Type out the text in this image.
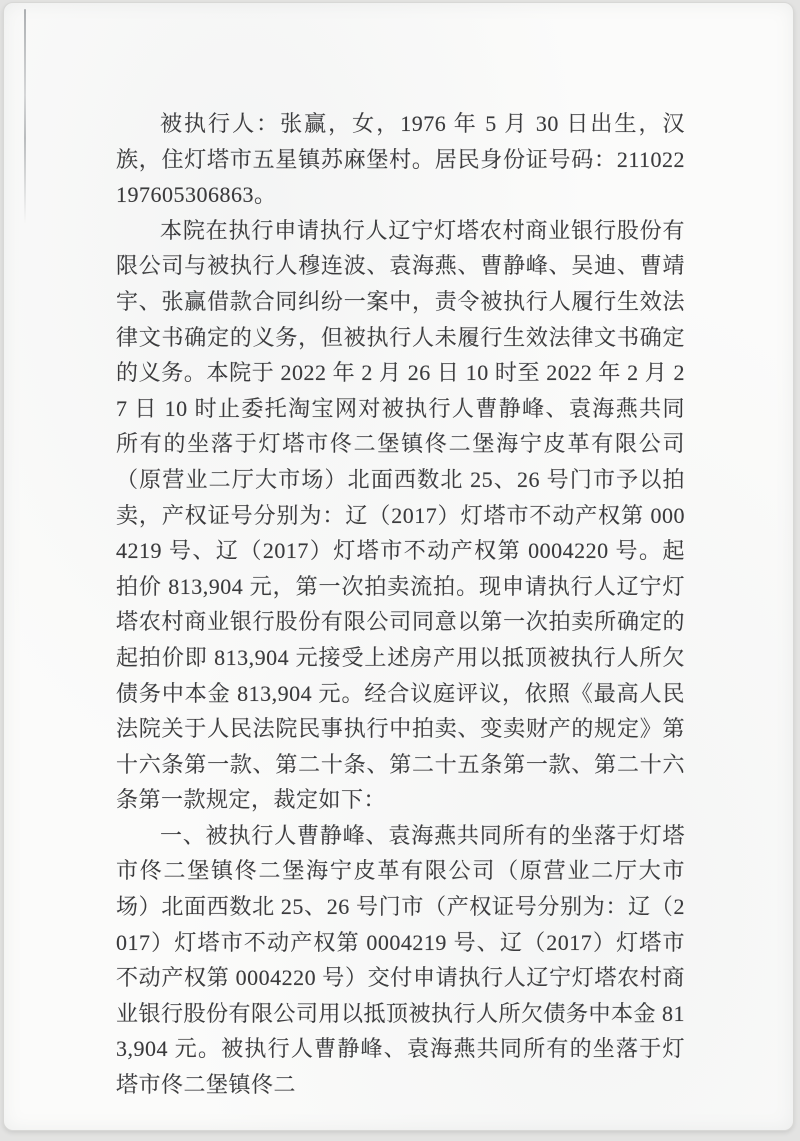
被执行人：张赢，女，1976 年 5 月 30 日出生，汉族，住灯塔市五星镇苏麻堡村。居民身份证号码：211022197605306863。

本院在执行申请执行人辽宁灯塔农村商业银行股份有限公司与被执行人穆连波、袁海燕、曹静峰、吴迪、曹靖宇、张赢借款合同纠纷一案中，责令被执行人履行生效法律文书确定的义务，但被执行人未履行生效法律文书确定的义务。本院于 2022 年 2 月 26 日 10 时至 2022 年 2 月 27 日 10 时止委托淘宝网对被执行人曹静峰、袁海燕共同所有的坐落于灯塔市佟二堡镇佟二堡海宁皮革有限公司（原营业二厅大市场）北面西数北 25、26 号门市予以拍卖，产权证号分别为：辽（2017）灯塔市不动产权第 0004219 号、辽（2017）灯塔市不动产权第 0004220 号。起拍价 813,904 元，第一次拍卖流拍。现申请执行人辽宁灯塔农村商业银行股份有限公司同意以第一次拍卖所确定的起拍价即 813,904 元接受上述房产用以抵顶被执行人所欠债务中本金 813,904 元。经合议庭评议，依照《最高人民法院关于人民法院民事执行中拍卖、变卖财产的规定》第十六条第一款、第二十条、第二十五条第一款、第二十六条第一款规定，裁定如下：

一、被执行人曹静峰、袁海燕共同所有的坐落于灯塔市佟二堡镇佟二堡海宁皮革有限公司（原营业二厅大市场）北面西数北 25、26 号门市（产权证号分别为：辽（2017）灯塔市不动产权第 0004219 号、辽（2017）灯塔市不动产权第 0004220 号）交付申请执行人辽宁灯塔农村商业银行股份有限公司用以抵顶被执行人所欠债务中本金 813,904 元。被执行人曹静峰、袁海燕共同所有的坐落于灯塔市佟二堡镇佟二
